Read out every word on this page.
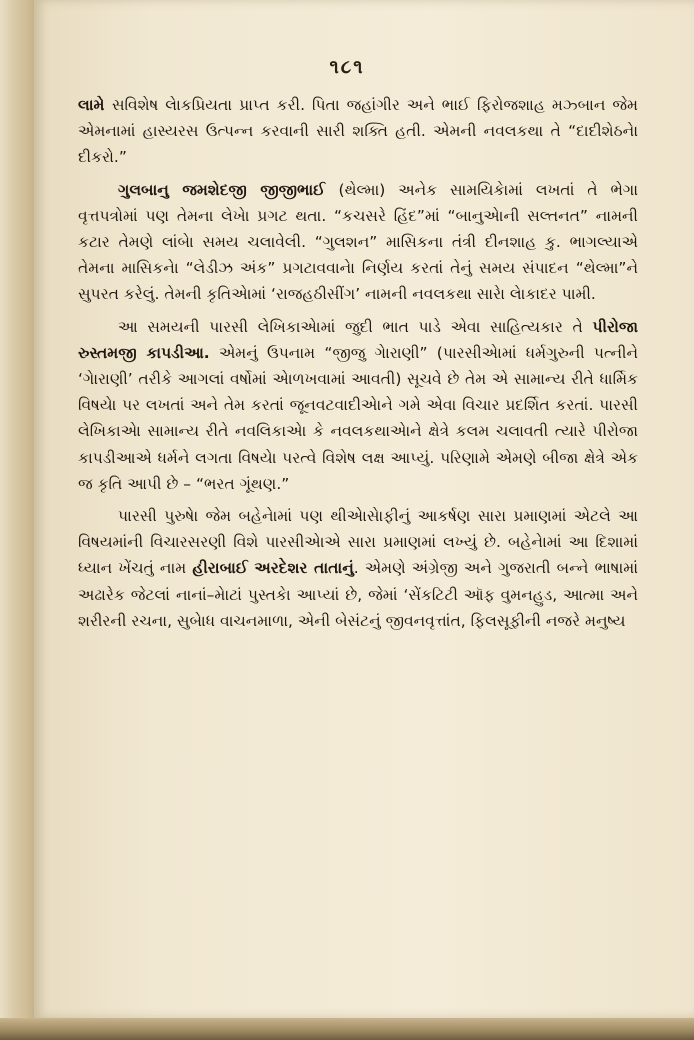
૧૮૧

લામે સવિશેષ લેાકપ્રિયતા પ્રાપ્ત કરી. પિતા જહાંગીર અને ભાઈ ફિરોજશાહ મઝ્બાન જેમ એમનામાં હાસ્યરસ ઉત્પન્ન કરવાની સારી શક્તિ હતી. એમની નવલકથા તે “દાદીશેઠનેા દીકરો.”

ગુલબાનુ જમશેદજી જીજીભાઈ (થેલ્મા) અનેક સામયિકેામાં લખતાં તે ભેગા વૃત્તપત્રોમાં પણ તેમના લેખેા પ્રગટ થતા. “કચસરે હિંદ”માં “બાનુએાની સલ્તનત” નામની કટાર તેમણે લાંબેા સમય ચલાવેલી. “ગુલશન” માસિકના તંત્રી દીનશાહ કુ. ભાગલ્યાએ તેમના માસિકનેા “લેડીઝ અંક” પ્રગટાવવાનેા નિર્ણય કરતાં તેનું સમય સંપાદન “થેલ્મા”ને સુપરત કરેલું. તેમની કૃતિએામાં ‘રાજહઠીસીંગ’ નામની નવલકથા સારેા લેાકાદર પામી.

આ સમયની પારસી લેખિકાએામાં જુદી ભાત પાડે એવા સાહિત્યકાર તે પીરોજા રુસ્તમજી કાપડીઆ. એમનું ઉપનામ “જીજુ ગેારાણી” (પારસીએામાં ધર્મગુરુની પત્નીને ‘ગેારાણી’ તરીકે આગલાં વર્ષોમાં એાળખવામાં આવતી) સૂચવે છે તેમ એ સામાન્ય રીતે ધાર્મિક વિષયેા પર લખતાં અને તેમ કરતાં જૂનવટવાદીએાને ગમે એવા વિચાર પ્રદર્શિત કરતાં. પારસી લેખિકાએા સામાન્ય રીતે નવલિકાએા કે નવલકથાએાને ક્ષેત્રે કલમ ચલાવતી ત્યારે પીરોજા કાપડીઆએ ધર્મને લગતા વિષયેા પરત્વે વિશેષ લક્ષ આપ્યું. પરિણામે એમણે બીજા ક્ષેત્રે એક જ કૃતિ આપી છે – “ભરત ગૂંથણ.”

પારસી પુરુષેા જેમ બહેનેામાં પણ થીએાસેાફીનું આકર્ષણ સારા પ્રમાણમાં એટલે આ વિષયમાંની વિચારસરણી વિશે પારસીએાએ સારા પ્રમાણમાં લખ્યું છે. બહેનેામાં આ દિશામાં ધ્યાન ખેંચતું નામ હીરાબાઈ અરદેશર તાતાનું. એમણે અંગ્રેજી અને ગુજરાતી બન્ને ભાષામાં અઢારેક જેટલાં નાનાં–મેાટાં પુસ્તકેા આપ્યાં છે, જેમાં ‘સેંકટિટી ઑફ વુમનહુડ, આત્મા અને શરીરની રચના, સુબેાધ વાચનમાળા, એની બેસંટનું જીવનવૃત્તાંત, ફિલસૂફીની નજરે મનુષ્ય
